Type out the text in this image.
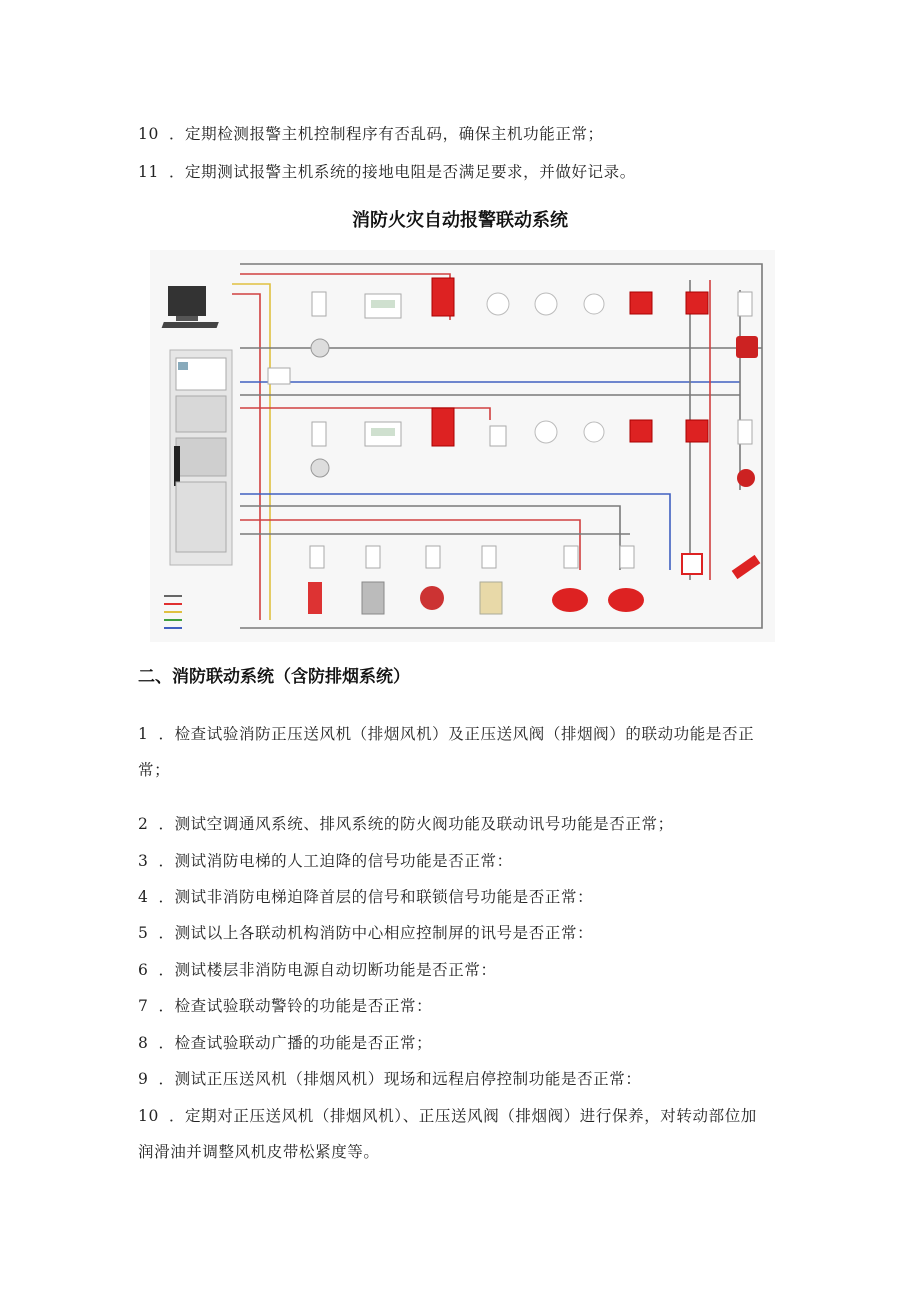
10 ．定期检测报警主机控制程序有否乱码，确保主机功能正常；
11 ．定期测试报警主机系统的接地电阻是否满足要求，并做好记录。
消防火灾自动报警联动系统
二、消防联动系统（含防排烟系统）
1 ．检查试验消防正压送风机（排烟风机）及正压送风阀（排烟阀）的联动功能是否正
常；
2 ．测试空调通风系统、排风系统的防火阀功能及联动讯号功能是否正常；
3 ．测试消防电梯的人工迫降的信号功能是否正常：
4 ．测试非消防电梯迫降首层的信号和联锁信号功能是否正常：
5 ．测试以上各联动机构消防中心相应控制屏的讯号是否正常：
6 ．测试楼层非消防电源自动切断功能是否正常：
7 ．检查试验联动警铃的功能是否正常：
8 ．检查试验联动广播的功能是否正常；
9 ．测试正压送风机（排烟风机）现场和远程启停控制功能是否正常：
10 ．定期对正压送风机（排烟风机）、正压送风阀（排烟阀）进行保养，对转动部位加
润滑油并调整风机皮带松紧度等。
